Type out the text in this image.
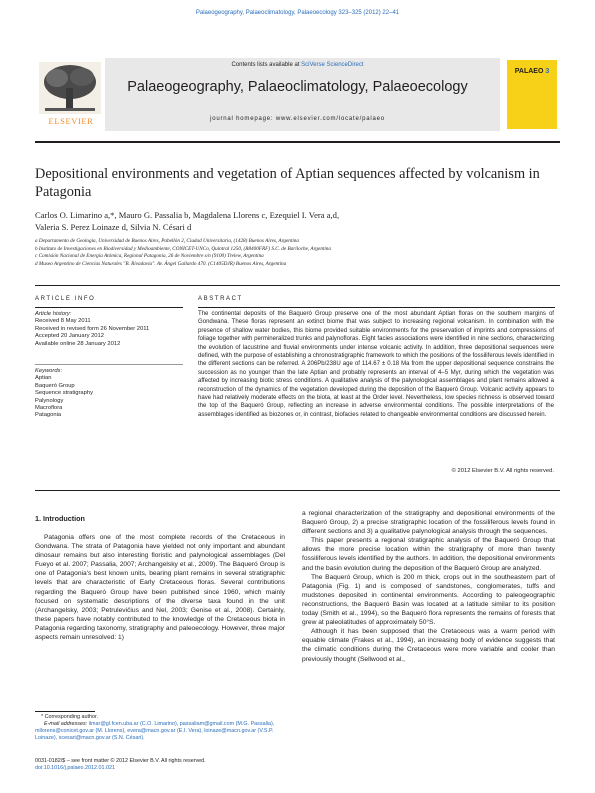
Palaeogeography, Palaeoclimatology, Palaeoecology 323–325 (2012) 22–41
ELSEVIER
Contents lists available at SciVerse ScienceDirect
Palaeogeography, Palaeoclimatology, Palaeoecology
journal homepage: www.elsevier.com/locate/palaeo
PALAEO 3
Depositional environments and vegetation of Aptian sequences affected by volcanism in Patagonia
Carlos O. Limarino a,*, Mauro G. Passalia b, Magdalena Llorens c, Ezequiel I. Vera a,d,
Valeria S. Perez Loinaze d, Silvia N. Césari d
a Departamento de Geología, Universidad de Buenos Aires, Pabellón 2, Ciudad Universitaria, (1428) Buenos Aires, Argentina
b Instituto de Investigaciones en Biodiversidad y Medioambiente, CONICET-UNCo, Quintral 1250, (R8400FRF) S.C. de Bariloche, Argentina
c Comisión Nacional de Energía Atómica, Regional Patagonia, 26 de Noviembre s/n (9100) Trelew, Argentina
d Museo Argentino de Ciencias Naturales "B. Rivadavia". Av. Ángel Gallardo 470. (C1405DJR) Buenos Aires, Argentina
ARTICLE INFO	ABSTRACT
Article history:
Received 8 May 2011
Received in revised form 26 November 2011
Accepted 20 January 2012
Available online 28 January 2012
Keywords:
Aptian
Baqueró Group
Sequence stratigraphy
Palynology
Macroflora
Patagonia
The continental deposits of the Baqueró Group preserve one of the most abundant Aptian floras on the southern margins of Gondwana. These floras represent an extinct biome that was subject to increasing regional volcanism. In combination with the presence of shallow water bodies, this biome provided suitable environments for the preservation of imprints and compressions of foliage together with permineralized trunks and palynofloras. Eight facies associations were identified in nine sections, characterizing the evolution of lacustrine and fluvial environments under intense volcanic activity. In addition, three depositional sequences were defined, with the purpose of establishing a chronostratigraphic framework to which the positions of the fossiliferous levels identified in the different sections can be referred. A 206Pb/238U age of 114.67 ± 0.18 Ma from the upper depositional sequence constrains the succession as no younger than the late Aptian and probably represents an interval of 4–5 Myr, during which the vegetation was affected by increasing biotic stress conditions. A qualitative analysis of the palynological assemblages and plant remains allowed a reconstruction of the dynamics of the vegetation developed during the deposition of the Baqueró Group. Volcanic activity appears to have had relatively moderate effects on the biota, at least at the Order level. Nevertheless, low species richness is observed toward the top of the Baqueró Group, reflecting an increase in adverse environmental conditions. The possible interpretations of the assemblages identified as biozones or, in contrast, biofacies related to changeable environmental conditions are discussed herein.
© 2012 Elsevier B.V. All rights reserved.
1. Introduction

Patagonia offers one of the most complete records of the Cretaceous in Gondwana. The strata of Patagonia have yielded not only important and abundant dinosaur remains but also interesting floristic and palynological assemblages (Del Fueyo et al. 2007; Passalia, 2007; Archangelsky et al., 2009). The Baqueró Group is one of Patagonia's best known units, bearing plant remains in several stratigraphic levels that are characteristic of Early Cretaceous floras. Several contributions regarding the Baqueró Group have been published since 1960, which mainly focused on systematic descriptions of the diverse taxa found in the unit (Archangelsky, 2003; Petrulevičius and Nel, 2003; Genise et al., 2008). Certainly, these papers have notably contributed to the knowledge of the Cretaceous biota in Patagonia regarding taxonomy, stratigraphy and paleoecology. However, three major aspects remain unresolved: 1)

a regional characterization of the stratigraphy and depositional environments of the Baqueró Group, 2) a precise stratigraphic location of the fossiliferous levels found in different sections and 3) a qualitative palynological analysis through the sequences.

This paper presents a regional stratigraphic analysis of the Baqueró Group that allows the more precise location within the stratigraphy of more than twenty fossiliferous levels identified by the authors. In addition, the depositional environments and the basin evolution during the deposition of the Baqueró Group are analyzed.

The Baqueró Group, which is 200 m thick, crops out in the southeastern part of Patagonia (Fig. 1) and is composed of sandstones, conglomerates, tuffs and mudstones deposited in continental environments. According to paleogeographic reconstructions, the Baqueró Basin was located at a latitude similar to its position today (Smith et al., 1994), so the Baqueró flora represents the remains of forests that grew at paleolatitudes of approximately 50°S.

Although it has been supposed that the Cretaceous was a warm period with equable climate (Frakes et al., 1994), an increasing body of evidence suggests that the climatic conditions during the Cretaceous were more variable and cooler than previously thought (Sellwood et al.,

* Corresponding author.
E-mail addresses: limar@gl.fcen.uba.ar (C.O. Limarino), passaliam@gmail.com (M.G. Passalia), mllorens@conicet.gov.ar (M. Llorens), evera@macn.gov.ar (E.I. Vera), loinaze@macn.gov.ar (V.S.P. Loinaze), scesari@macn.gov.ar (S.N. Césari).
0031-0182/$ – see front matter © 2012 Elsevier B.V. All rights reserved.
doi:10.1016/j.palaeo.2012.01.021
